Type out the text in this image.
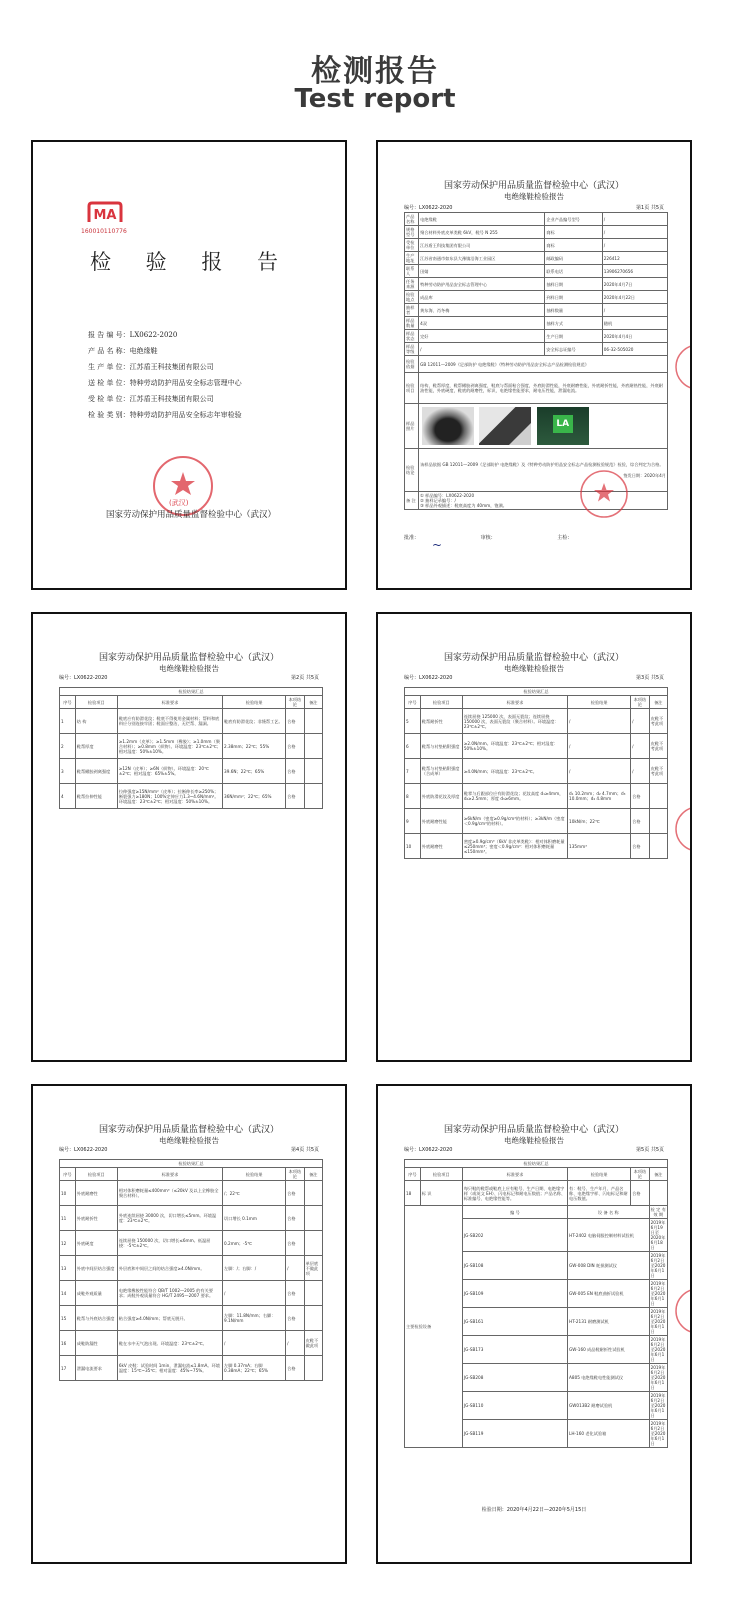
检测报告
Test report
MA
160010110776
检 验 报 告
报 告 编 号：LX0622-2020
产 品 名 称：电绝缘鞋
生 产 单 位：江苏盾王科技集团有限公司
送 检 单 位：特种劳动防护用品安全标志管理中心
受 检 单 位：江苏盾王科技集团有限公司
检 验 类 别：特种劳动防护用品安全标志年审检验
(武汉)
国家劳动保护用品质量监督检验中心（武汉）
国家劳动保护用品质量监督检验中心（武汉）
电绝缘鞋检验报告
编号：LX0622-2020	第1页 共5页
产品名称	电绝缘鞋	企业产品编号型号	/
规格型号	聚合材料外底皮革类鞋 6kV，鞋号 N 255	商标	/
受检单位	江苏盾王科技集团有限公司	商标	/
生产地址	江苏省南通市如东县大豫镇沿海工业园区	邮政编码	226412
联系人	田婧	联系电话	13906270656
任务来源	特种劳动防护用品安全标志管理中心	抽样日期	2020年4月7日
检验地点	成品库	到样日期	2020年4月22日
抽样者	黄东海、肖冬梅	抽样数量	/
样品数量	4双	抽样方式	随机
样品状态	完好	生产日期	2020年4月4日
样品等级	/	安全标志证编号	06-32-505020
检验依据	GB 12011—2009《足部防护 电绝缘鞋》《特种劳动防护用品安全标志产品检测检验规范》		
检验项目	结构，鞋帮厚度，鞋帮橄胶剥离强度，鞋底与帮面粘合强度，外底防滑性能，外底耐磨性能，外底耐折性能，外底耐热性能，外底耐油性能，外底硬度，鞋底的耐磨性，标识，电绝缘性能要求，耐电压性能，泄漏电流。		
样品照片	LA		

检验结论	该样品依据 GB 12011—2009《足部防护 电绝缘鞋》及《特种劳动防护用品安全标志产品检测检验规范》检验，综合判定为合格。
签发日期：2020年4月		

备 注	① 样品编号：LX0622-2020
② 抽样记录编号：/
③ 样品外观描述：鞋底高度为 40mm，饱满。		
批准：	审核：	主检：
~
国家劳动保护用品质量监督检验中心（武汉）
电绝缘鞋检验报告
编号：LX0622-2020	第2页 共5页
检验结果汇总					
序号	检验项目	标准要求	检验结果	本项结论	备注
1	结 构	鞋底应有防滑花纹；鞋底不得使用金属材料；帮料和底料应分别连接牢固；鞋面应整洁，无烂帮、漏洞。	鞋底有防滑花纹；非缝帮工艺。	合格	
2	鞋帮厚度	≥1.2mm（皮革）；≥1.5mm（橡胶）；≥1.0mm（聚合材料）；≥0.8mm（织物）。环境温度：23℃±2℃；相对湿度：50%±10%。	2.38mm；22℃；55%	合格	
3	鞋帮橄胶剥离强度	≥12N（皮革）；≥6N（织物）。环境温度：20℃±2℃；相对湿度：65%±5%。	39.6N；22℃；65%	合格	
4	鞋帮拉伸性能	拉伸强度≥15N/mm²（皮革）；拉断伸长率≥250%；断裂强力≥180N；100%定伸应力1.3~4.6N/mm²。环境温度：23℃±2℃；相对湿度：50%±10%。	36N/mm²；22℃；65%	合格	
国家劳动保护用品质量监督检验中心（武汉）
电绝缘鞋检验报告
编号：LX0622-2020	第3页 共5页
检验结果汇总					
序号	检验项目	标准要求	检验结果	本项结论	备注
5	鞋帮耐折性	连续屈挠 125000 次，表面无裂纹；连续屈挠 150000 次，表面无裂纹（聚合材料）。环境温度：23℃±2℃。	/	/	皮鞋不考此项
6	鞋帮与衬垫粘附强度	≥2.0N/mm。环境温度：23℃±2℃；相对湿度：50%±10%。	/	/	皮鞋不考此项
7	鞋帮与衬垫粘附强度（合成革）	≥4.0N/mm；环境温度：23℃±2℃。	/	/	皮鞋不考此项
8	外底防滑花纹及厚度	鞋掌与后跟部位应有防滑花纹；花纹高度 d₁≥4mm，d₂≥2.5mm；厚度 d₃≥6mm。	d₁ 10.2mm；d₂ 4.7mm；d₃ 10.0mm；d₄ 4.8mm	合格	
9	外底耐磨性能	≥6kN/m（密度≥0.9g/cm³的材料）；≥3kN/m（密度＜0.9g/cm³的材料）。	10kN/m；22℃	合格	
10	外底耐磨性	密度≥0.9g/cm³（6kV 非皮革类鞋）：相对体积磨耗量≤250mm³；密度＜0.9g/cm³：相对体积磨耗量≤150mm³。	135mm³	合格	
国家劳动保护用品质量监督检验中心（武汉）
电绝缘鞋检验报告
编号：LX0622-2020	第4页 共5页
检验结果汇总					
序号	检验项目	标准要求	检验结果	本项结论	备注
10	外底耐磨性	相对体积磨耗量≤400mm³（≤20kV 及以上全橡胶全聚合材料）。	/；22℃	合格	
11	外底耐折性	外底连续屈挠 30000 次，切口增长≤5mm。环境温度：23℃±2℃。	切口增长 0.1mm	合格	
12	外底硬度	连续屈挠 150000 次，切口增长≤6mm。低温屈挠：-5℃±2℃。	0.2mm；-5℃	合格	
13	外底中间层结合强度	外层底和中间层之间的结合强度≥4.0N/mm。	左脚：/；右脚：/	/	单层底不做此项
14	成鞋外观质量	电绝缘橡胶性能符合 QB/T 1002—2005 的有关要求；成鞋外观质量符合 HG/T 2495—2007 要求。	/	合格	
15	鞋帮与外底结合强度	粘合强度≥4.0N/mm；帮底无脱开。	左脚：11.8N/mm；右脚：9.1N/mm	合格	
16	成鞋防漏性	鞋在水中无气泡出现。环境温度：23℃±2℃。	/	/	皮鞋不做此项
17	泄漏电流要求	6kV 皮鞋：试验时间 1min，泄漏电流≤1.8mA。环境温度：15℃~35℃；相对湿度：45%~75%。	左脚 0.37mA；右脚 0.38mA；22℃；65%	合格	
国家劳动保护用品质量监督检验中心（武汉）
电绝缘鞋检验报告
编号：LX0622-2020	第5页 共5页
检验结果汇总					
序号	检验项目	标准要求	检验结果	本项结论	备注
18	标 识	每只鞋的鞋帮或鞋底上应有鞋号、生产日期、电绝缘字样（或英文 EH）、闪电标记和耐电压数值；产品名称、标准编号、电绝缘性能等。	有：鞋号、生产年月、产品名称、电绝缘字样、闪电标记和耐电压数值。	合格	
主要检验设备		编 号	设 备 名 称		检 定 有 效 期
		JG-SB202	HT-2402 电脑伺服控制材料试验机		2019年6月19日至2020年6月18日
		JG-SB108	GW-008 DIN 耗损测试仪		2019年6月2日至2020年6月1日
		JG-SB109	GW-005 EN 鞋底曲折试验机		2019年6月2日至2020年6月1日
		JG-SB161	HT-2131 耐磨测试机		2019年6月2日至2020年6月1日
		JG-SB173	GW-160 成品鞋耐折性试验机		2019年6月2日至2020年6月1日
		JG-SB208	A805 电绝缘鞋电性能测试仪		2019年6月2日至2020年6月1日
		JG-SB110	GW013B2 耐磨试验机		2019年6月2日至2020年6月1日
		JG-SB119	LH-160 老化试验箱		2019年6月2日至2020年6月1日
检验日期：2020年4月22日—2020年5月15日
